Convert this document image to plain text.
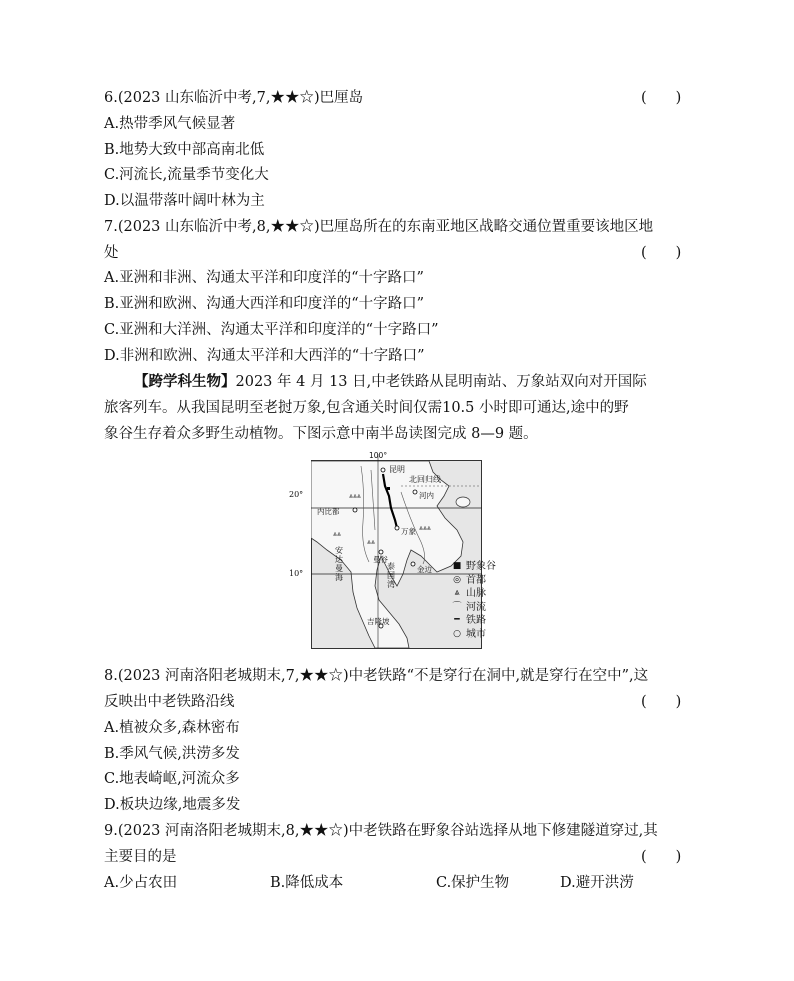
6.(2023 山东临沂中考,7,★★☆)巴厘岛	(　　)
A.热带季风气候显著
B.地势大致中部高南北低
C.河流长,流量季节变化大
D.以温带落叶阔叶林为主
7.(2023 山东临沂中考,8,★★☆)巴厘岛所在的东南亚地区战略交通位置重要该地区地
处	(　　)
A.亚洲和非洲、沟通太平洋和印度洋的“十字路口”
B.亚洲和欧洲、沟通大西洋和印度洋的“十字路口”
C.亚洲和大洋洲、沟通太平洋和印度洋的“十字路口”
D.非洲和欧洲、沟通太平洋和大西洋的“十字路口”
【跨学科生物】2023 年 4 月 13 日,中老铁路从昆明南站、万象站双向对开国际
旅客列车。从我国昆明至老挝万象,包含通关时间仅需10.5 小时即可通达,途中的野
象谷生存着众多野生动植物。下图示意中南半岛读图完成 8—9 题。
100°
⩓⩓⩓
⩓⩓
⩓⩓⩓
⩓⩓
昆明
北回归线
河内
内比都
万象
曼谷
金边
吉隆坡
安达曼海
泰国湾
20°
10°
■ 野象谷
◎ 首都
⩓ 山脉
⌒ 河流
━ 铁路
○ 城市
8.(2023 河南洛阳老城期末,7,★★☆)中老铁路“不是穿行在洞中,就是穿行在空中”,这
反映出中老铁路沿线	(　　)
A.植被众多,森林密布
B.季风气候,洪涝多发
C.地表崎岖,河流众多
D.板块边缘,地震多发
9.(2023 河南洛阳老城期末,8,★★☆)中老铁路在野象谷站选择从地下修建隧道穿过,其
主要目的是	(　　)
A.少占农田	B.降低成本	C.保护生物	D.避开洪涝
